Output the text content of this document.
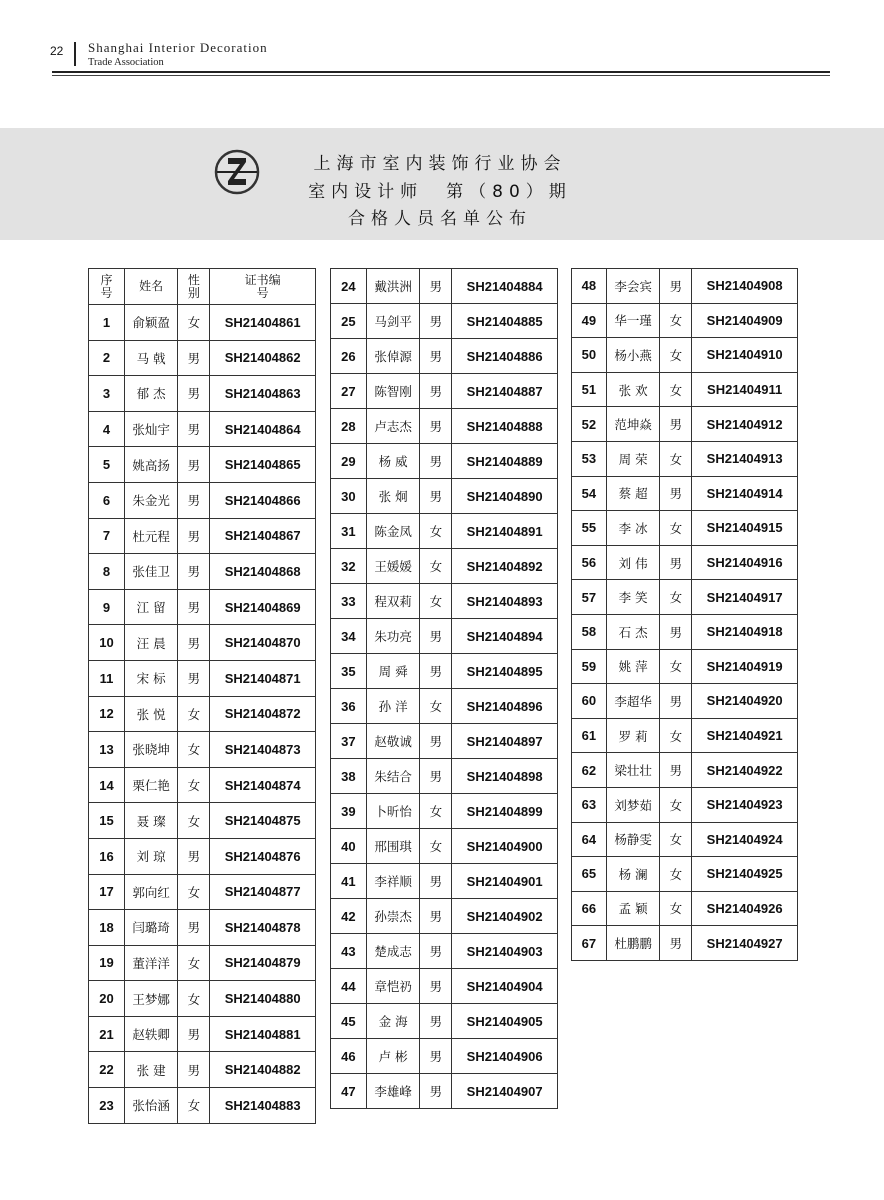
22 Shanghai Interior Decoration
Trade Association
上海市室内装饰行业协会
室内设计师　第（80）期
合格人员名单公布
序号	姓名	性别	证书编号
1	俞颖盈	女	SH21404861
2	马 戟	男	SH21404862
3	郁 杰	男	SH21404863
4	张灿宇	男	SH21404864
5	姚高扬	男	SH21404865
6	朱金光	男	SH21404866
7	杜元程	男	SH21404867
8	张佳卫	男	SH21404868
9	江 留	男	SH21404869
10	汪 晨	男	SH21404870
11	宋 标	男	SH21404871
12	张 悦	女	SH21404872
13	张晓坤	女	SH21404873
14	栗仁艳	女	SH21404874
15	聂 璨	女	SH21404875
16	刘 琼	男	SH21404876
17	郭向红	女	SH21404877
18	闫璐琦	男	SH21404878
19	董洋洋	女	SH21404879
20	王梦娜	女	SH21404880
21	赵轶卿	男	SH21404881
22	张 建	男	SH21404882
23	张怡涵	女	SH21404883
24	戴洪洲	男	SH21404884
25	马剑平	男	SH21404885
26	张倬源	男	SH21404886
27	陈智刚	男	SH21404887
28	卢志杰	男	SH21404888
29	杨 威	男	SH21404889
30	张 炯	男	SH21404890
31	陈金凤	女	SH21404891
32	王媛媛	女	SH21404892
33	程双莉	女	SH21404893
34	朱功亮	男	SH21404894
35	周 舜	男	SH21404895
36	孙 洋	女	SH21404896
37	赵敬诚	男	SH21404897
38	朱结合	男	SH21404898
39	卜昕怡	女	SH21404899
40	邢围琪	女	SH21404900
41	李祥顺	男	SH21404901
42	孙崇杰	男	SH21404902
43	楚成志	男	SH21404903
44	章恺礽	男	SH21404904
45	金 海	男	SH21404905
46	卢 彬	男	SH21404906
47	李雄峰	男	SH21404907
48	李会宾	男	SH21404908
49	华一瑾	女	SH21404909
50	杨小燕	女	SH21404910
51	张 欢	女	SH21404911
52	范坤焱	男	SH21404912
53	周 荣	女	SH21404913
54	蔡 超	男	SH21404914
55	李 冰	女	SH21404915
56	刘 伟	男	SH21404916
57	李 笑	女	SH21404917
58	石 杰	男	SH21404918
59	姚 萍	女	SH21404919
60	李超华	男	SH21404920
61	罗 莉	女	SH21404921
62	梁壮壮	男	SH21404922
63	刘梦茹	女	SH21404923
64	杨静雯	女	SH21404924
65	杨 澜	女	SH21404925
66	孟 颖	女	SH21404926
67	杜鹏鹏	男	SH21404927
